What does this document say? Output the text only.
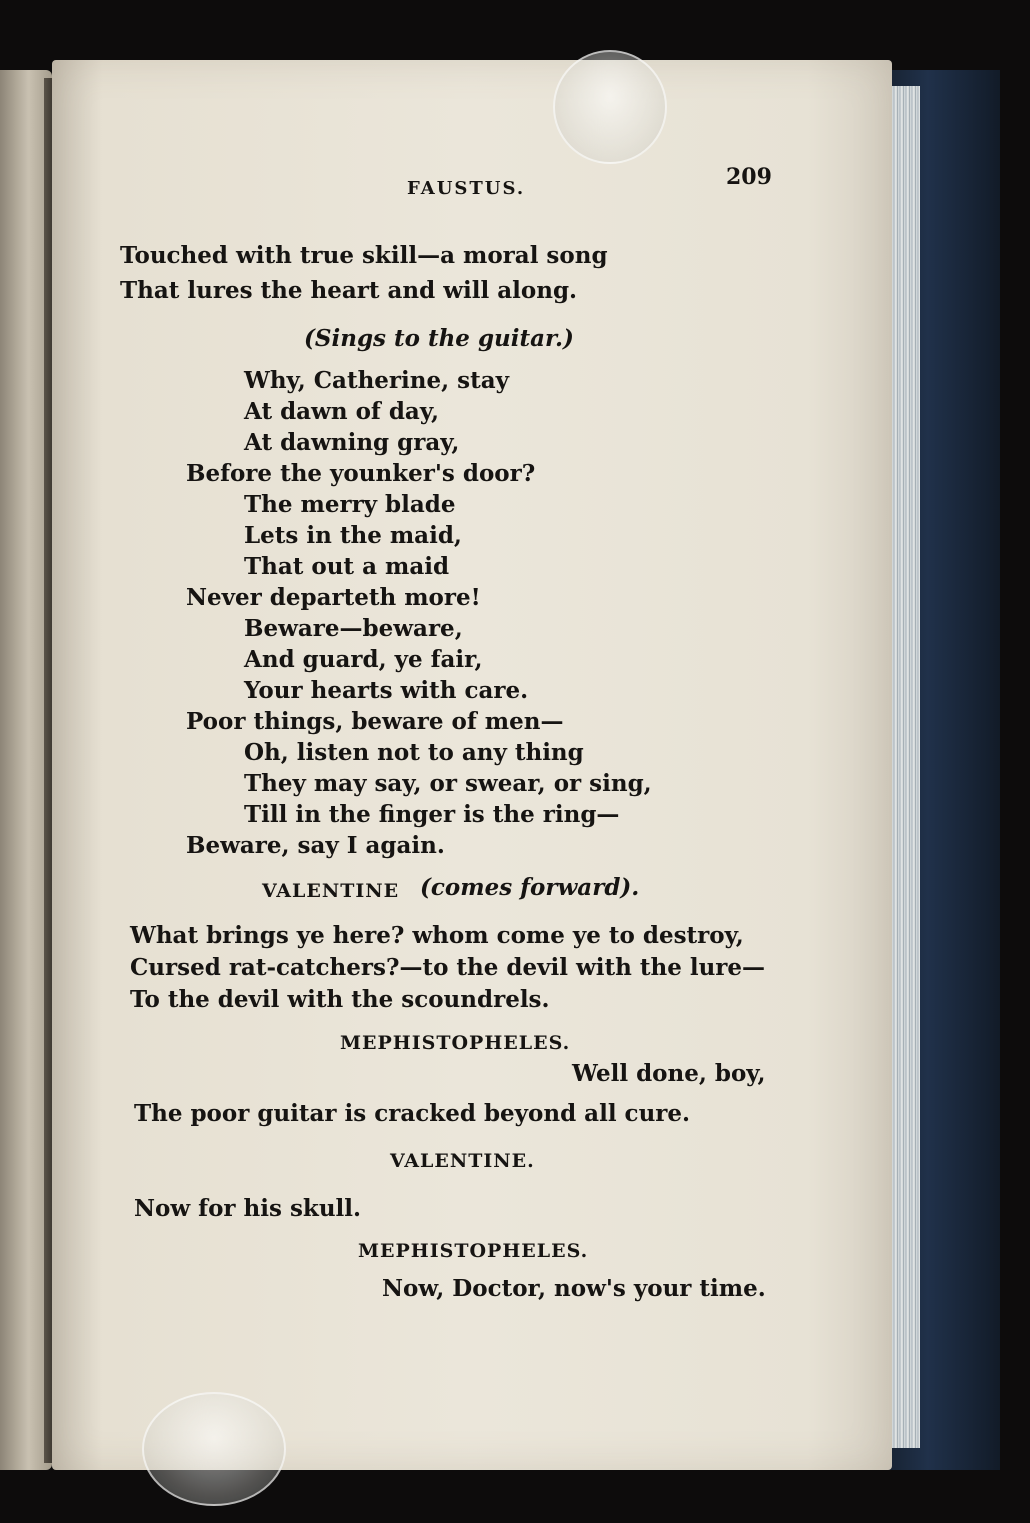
FAUSTUS.	209
Touched with true skill—a moral song
That lures the heart and will along.
(Sings to the guitar.)
Why, Catherine, stay
At dawn of day,
At dawning gray,
Before the younker's door?
The merry blade
Lets in the maid,
That out a maid
Never departeth more!
Beware—beware,
And guard, ye fair,
Your hearts with care.
Poor things, beware of men—
Oh, listen not to any thing
They may say, or swear, or sing,
Till in the finger is the ring—
Beware, say I again.
VALENTINE (comes forward).
What brings ye here? whom come ye to destroy,
Cursed rat-catchers?—to the devil with the lure—
To the devil with the scoundrels.
MEPHISTOPHELES.
Well done, boy,
The poor guitar is cracked beyond all cure.
VALENTINE.
Now for his skull.
MEPHISTOPHELES.
Now, Doctor, now's your time.
